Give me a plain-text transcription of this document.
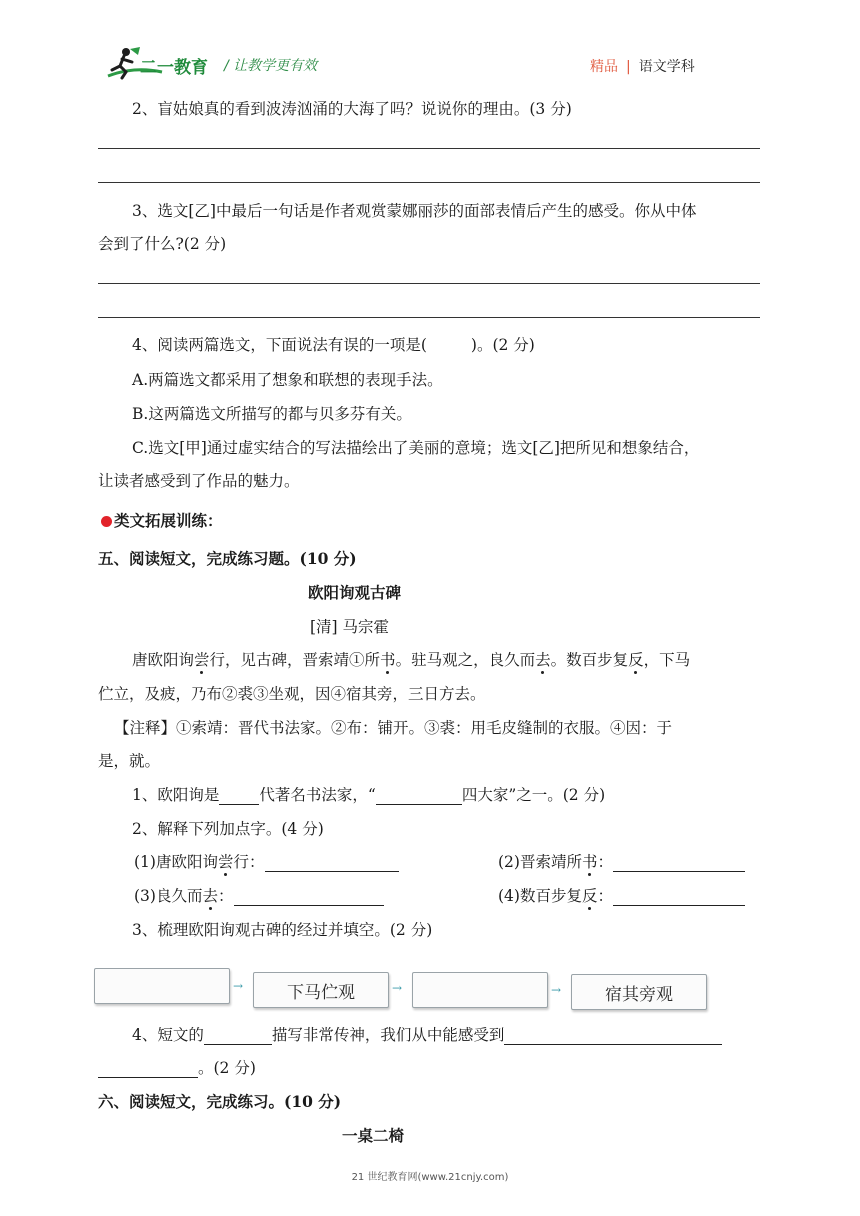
二一教育 / 让教学更有效	精品 | 语文学科
2、盲姑娘真的看到波涛汹涌的大海了吗？说说你的理由。(3 分)
3、选文[乙]中最后一句话是作者观赏蒙娜丽莎的面部表情后产生的感受。你从中体
会到了什么?(2 分)
4、阅读两篇选文，下面说法有误的一项是(	)。(2 分)
A.两篇选文都采用了想象和联想的表现手法。
B.这两篇选文所描写的都与贝多芬有关。
C.选文[甲]通过虚实结合的写法描绘出了美丽的意境；选文[乙]把所见和想象结合，
让读者感受到了作品的魅力。
类文拓展训练：
五、阅读短文，完成练习题。(10 分)
欧阳询观古碑
[清] 马宗霍
唐欧阳询尝行，见古碑，晋索靖①所书。驻马观之，良久而去。数百步复反，下马
伫立，及疲，乃布②裘③坐观，因④宿其旁，三日方去。
【注释】①索靖：晋代书法家。②布：铺开。③裘：用毛皮缝制的衣服。④因：于
是，就。
1、欧阳询是	代著名书法家，“	四大家”之一。(2 分)
2、解释下列加点字。(4 分)
(1)唐欧阳询尝行：	(2)晋索靖所书：
(3)良久而去：	(4)数百步复反：
3、梳理欧阳询观古碑的经过并填空。(2 分)
→	下马伫观	→	→	宿其旁观
4、短文的	描写非常传神，我们从中能感受到
。(2 分)
六、阅读短文，完成练习。(10 分)
一桌二椅
21 世纪教育网(www.21cnjy.com)
